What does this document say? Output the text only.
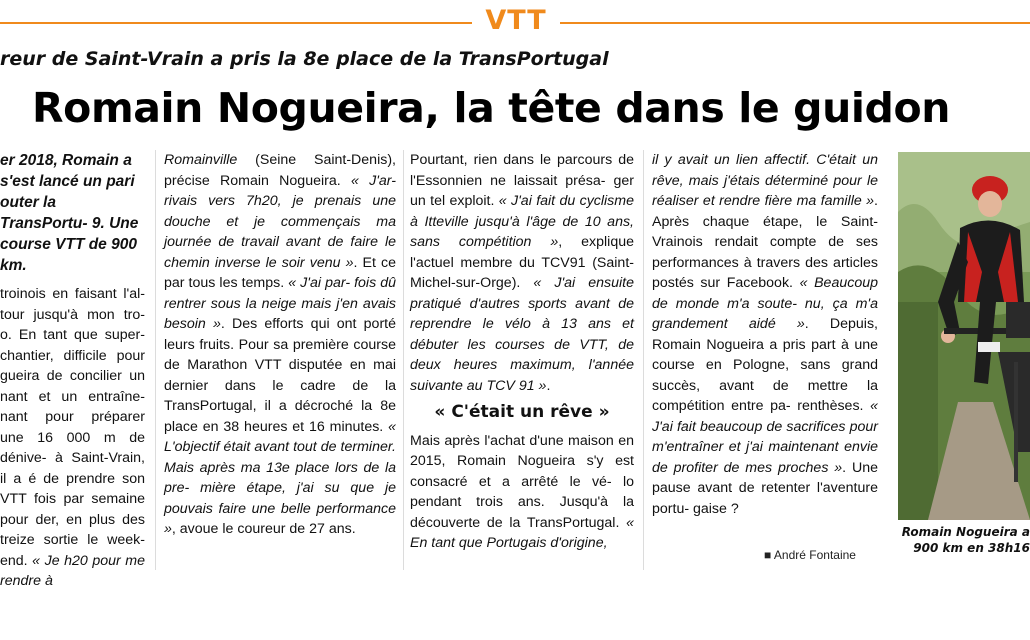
VTT
reur de Saint-Vrain a pris la 8e place de la TransPortugal
Romain Nogueira, la tête dans le guidon

er 2018, Romain a s'est lancé un pari outer la TransPortu- 9. Une course VTT de 900 km.

troinois en faisant l'al- tour jusqu'à mon tro- o. En tant que super- chantier, difficile pour gueira de concilier un nant et un entraîne- nant pour préparer une 16 000 m de dénive- à Saint-Vrain, il a é de prendre son VTT fois par semaine pour der, en plus des treize sortie le week-end. « Je h20 pour me rendre à

Romainville (Seine Saint-Denis), précise Romain Nogueira. « J'ar- rivais vers 7h20, je prenais une douche et je commençais ma journée de travail avant de faire le chemin inverse le soir venu ». Et ce par tous les temps. « J'ai par- fois dû rentrer sous la neige mais j'en avais besoin ». Des efforts qui ont porté leurs fruits. Pour sa première course de Marathon VTT disputée en mai dernier dans le cadre de la TransPortugal, il a décroché la 8e place en 38 heures et 16 minutes. « L'objectif était avant tout de terminer. Mais après ma 13e place lors de la pre- mière étape, j'ai su que je pouvais faire une belle performance », avoue le coureur de 27 ans.

Pourtant, rien dans le parcours de l'Essonnien ne laissait présa- ger un tel exploit. « J'ai fait du cyclisme à Itteville jusqu'à l'âge de 10 ans, sans compétition », explique l'actuel membre du TCV91 (Saint-Michel-sur-Orge). « J'ai ensuite pratiqué d'autres sports avant de reprendre le vélo à 13 ans et débuter les courses de VTT, de deux heures maximum, l'année suivante au TCV 91 ».

« C'était un rêve »

Mais après l'achat d'une maison en 2015, Romain Nogueira s'y est consacré et a arrêté le vé- lo pendant trois ans. Jusqu'à la découverte de la TransPortugal. « En tant que Portugais d'origine,

il y avait un lien affectif. C'était un rêve, mais j'étais déterminé pour le réaliser et rendre fière ma famille ». Après chaque étape, le Saint-Vrainois rendait compte de ses performances à travers des articles postés sur Facebook. « Beaucoup de monde m'a soute- nu, ça m'a grandement aidé ». Depuis, Romain Nogueira a pris part à une course en Pologne, sans grand succès, avant de mettre la compétition entre pa- renthèses. « J'ai fait beaucoup de sacrifices pour m'entraîner et j'ai maintenant envie de profiter de mes proches ». Une pause avant de retenter l'aventure portu- gaise ?

■ André Fontaine
Romain Nogueira a
900 km en 38h16
